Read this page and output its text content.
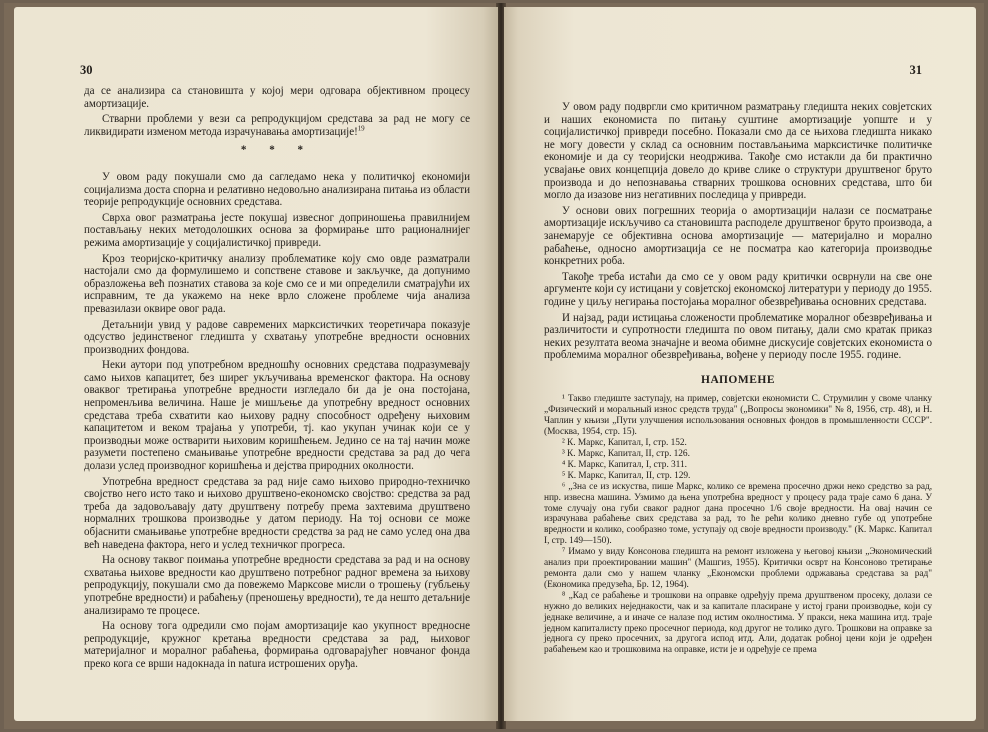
30

да се анализира са становишта у којој мери одговара објективном процесу амортизације.

Стварни проблеми у вези са репродукцијом средстава за рад не могу се ликвидирати изменом метода израчунавања амортизације!$^{19}$

* * *

У овом раду покушали смо да сагледамо нека у политичкој економији социјализма доста спорна и релативно недовољно анализирана питања из области теорије репродукције основних средстава.

Сврха овог разматрања јесте покушај извесног доприношења правилнијем постављању неких методолошких основа за формирање што рационалнијег режима амортизације у социјалистичкој привреди.

Кроз теоријско-критичку анализу проблематике коју смо овде разматрали настојали смо да формулишемо и сопствене ставове и закључке, да допунимо образложења већ познатих ставова за које смо се и ми определили сматрајући их исправним, те да укажемо на неке врло сложене проблеме чија анализа превазилази оквире овог рада.

Детаљнији увид у радове савремених марксистичких теоретичара показује одсуство јединственог гледишта у схватању употребне вредности основних производних фондова.

Неки аутори под употребном вредношћу основних средстава подразумевају само њихов капацитет, без ширег укључивања временског фактора. На основу оваквог третирања употребне вредности изгледало би да је она постојана, непроменљива величина. Наше је мишљење да употребну вредност основних средстава треба схватити као њихову радну способност одређену њиховим капацитетом и веком трајања у употреби, тј. као укупан учинак који се у производњи може остварити њиховим коришћењем. Једино се на тај начин може разумети постепено смањивање употребне вредности средстава за рад до чега долази услед производног коришћења и дејства природних околности.

Употребна вредност средстава за рад није само њихово природно-техничко својство него исто тако и њихово друштвено-економско својство: средства за рад треба да задовољавају дату друштвену потребу према захтевима друштвено нормалних трошкова производње у датом периоду. На тој основи се може објаснити смањивање употребне вредности средства за рад не само услед она два већ наведена фактора, него и услед техничког прогреса.

На основу таквог поимања употребне вредности средстава за рад и на основу схватања њихове вредности као друштвено потребног радног времена за њихову репродукцију, покушали смо да повежемо Марксове мисли о трошењу (губљењу употребне вредности) и рабаћењу (преношењу вредности), те да нешто детаљније анализирамо те процесе.

На основу тога одредили смо појам амортизације као укупност вредносне репродукције, кружног кретања вредности средстава за рад, њиховог материјалног и моралног рабаћења, формирања одговарајућег новчаног фонда преко кога се врши надокнада in natura истрошених оруђа.

31

У овом раду подвргли смо критичном разматрању гледишта неких совјетских и наших економиста по питању суштине амортизације уопште и у социјалистичкој привреди посебно. Показали смо да се њихова гледишта никако не могу довести у склад са основним постављањима марксистичке политичке економије и да су теоријски неодржива. Такође смо истакли да би практично усвајање ових концепција довело до криве слике о структури друштвеног бруто производа и до непознавања стварних трошкова основних средстава, што би могло да изазове низ негативних последица у привреди.

У основи ових погрешних теорија о амортизацији налази се посматрање амортизације искључиво са становишта расподеле друштвеног бруто производа, а занемарује се објективна основа амортизације — материјално и морално рабаћење, односно амортизација се не посматра као категорија производње конкретних роба.

Такође треба истаћи да смо се у овом раду критички осврнули на све оне аргументе који су истицани у совјетској економској литератури у периоду до 1955. године у циљу негирања постојања моралног обезвређивања основних средстава.

И најзад, ради истицања сложености проблематике моралног обезвређивања и различитости и супротности гледишта по овом питању, дали смо кратак приказ неких резултата веома значајне и веома обимне дискусије совјетских економиста о проблемима моралног обезвређивања, вођене у периоду после 1955. године.

НАПОМЕНЕ

¹ Такво гледиште заступају, на пример, совјетски економисти С. Струмилин у своме чланку „Физический и моральный износ средств труда" („Вопросы экономики" № 8, 1956, стр. 48), и Н. Чаплин у књизи „Пути улучшения использования основных фондов в промышленности СССР". (Москва, 1954, стр. 15).

² К. Маркс, Капитал, I, стр. 152.

³ К. Маркс, Капитал, II, стр. 126.

⁴ К. Маркс, Капитал, I, стр. 311.

⁵ К. Маркс, Капитал, II, стр. 129.

⁶ „Зна се из искуства, пише Маркс, колико се времена просечно држи неко средство за рад, нпр. извесна машина. Узмимо да њена употребна вредност у процесу рада траје само 6 дана. У томе случају она губи сваког радног дана просечно 1/6 своје вредности. На овај начин се израчунава рабаћење свих средстава за рад, то ће рећи колико дневно губе од употребне вредности и колико, сообразно томе, уступају од своје вредности производу." (К. Маркс. Капитал I, стр. 149—150).

⁷ Имамо у виду Консонова гледишта на ремонт изложена у његовој књизи „Экономический анализ при проектировании машин" (Машгиз, 1955). Критички осврт на Консоново третирање ремонта дали смо у нашем чланку „Економски проблеми одржавања средстава за рад" (Економика предузећа, Бр. 12, 1964).

⁸ „Кад се рабаћење и трошкови на оправке одређују према друштвеном просеку, долази се нужно до великих неједнакости, чак и за капитале пласиране у истој грани производње, који су једнаке величине, а и иначе се налазе под истим околностима. У пракси, нека машина итд. траје једном капиталисту преко просечног периода, код другог не толико дуго. Трошкови на оправке за једнога су преко просечних, за другога испод итд. Али, додатак робној цени који је одређен рабаћењем као и трошковима на оправке, исти је и одређује се према
